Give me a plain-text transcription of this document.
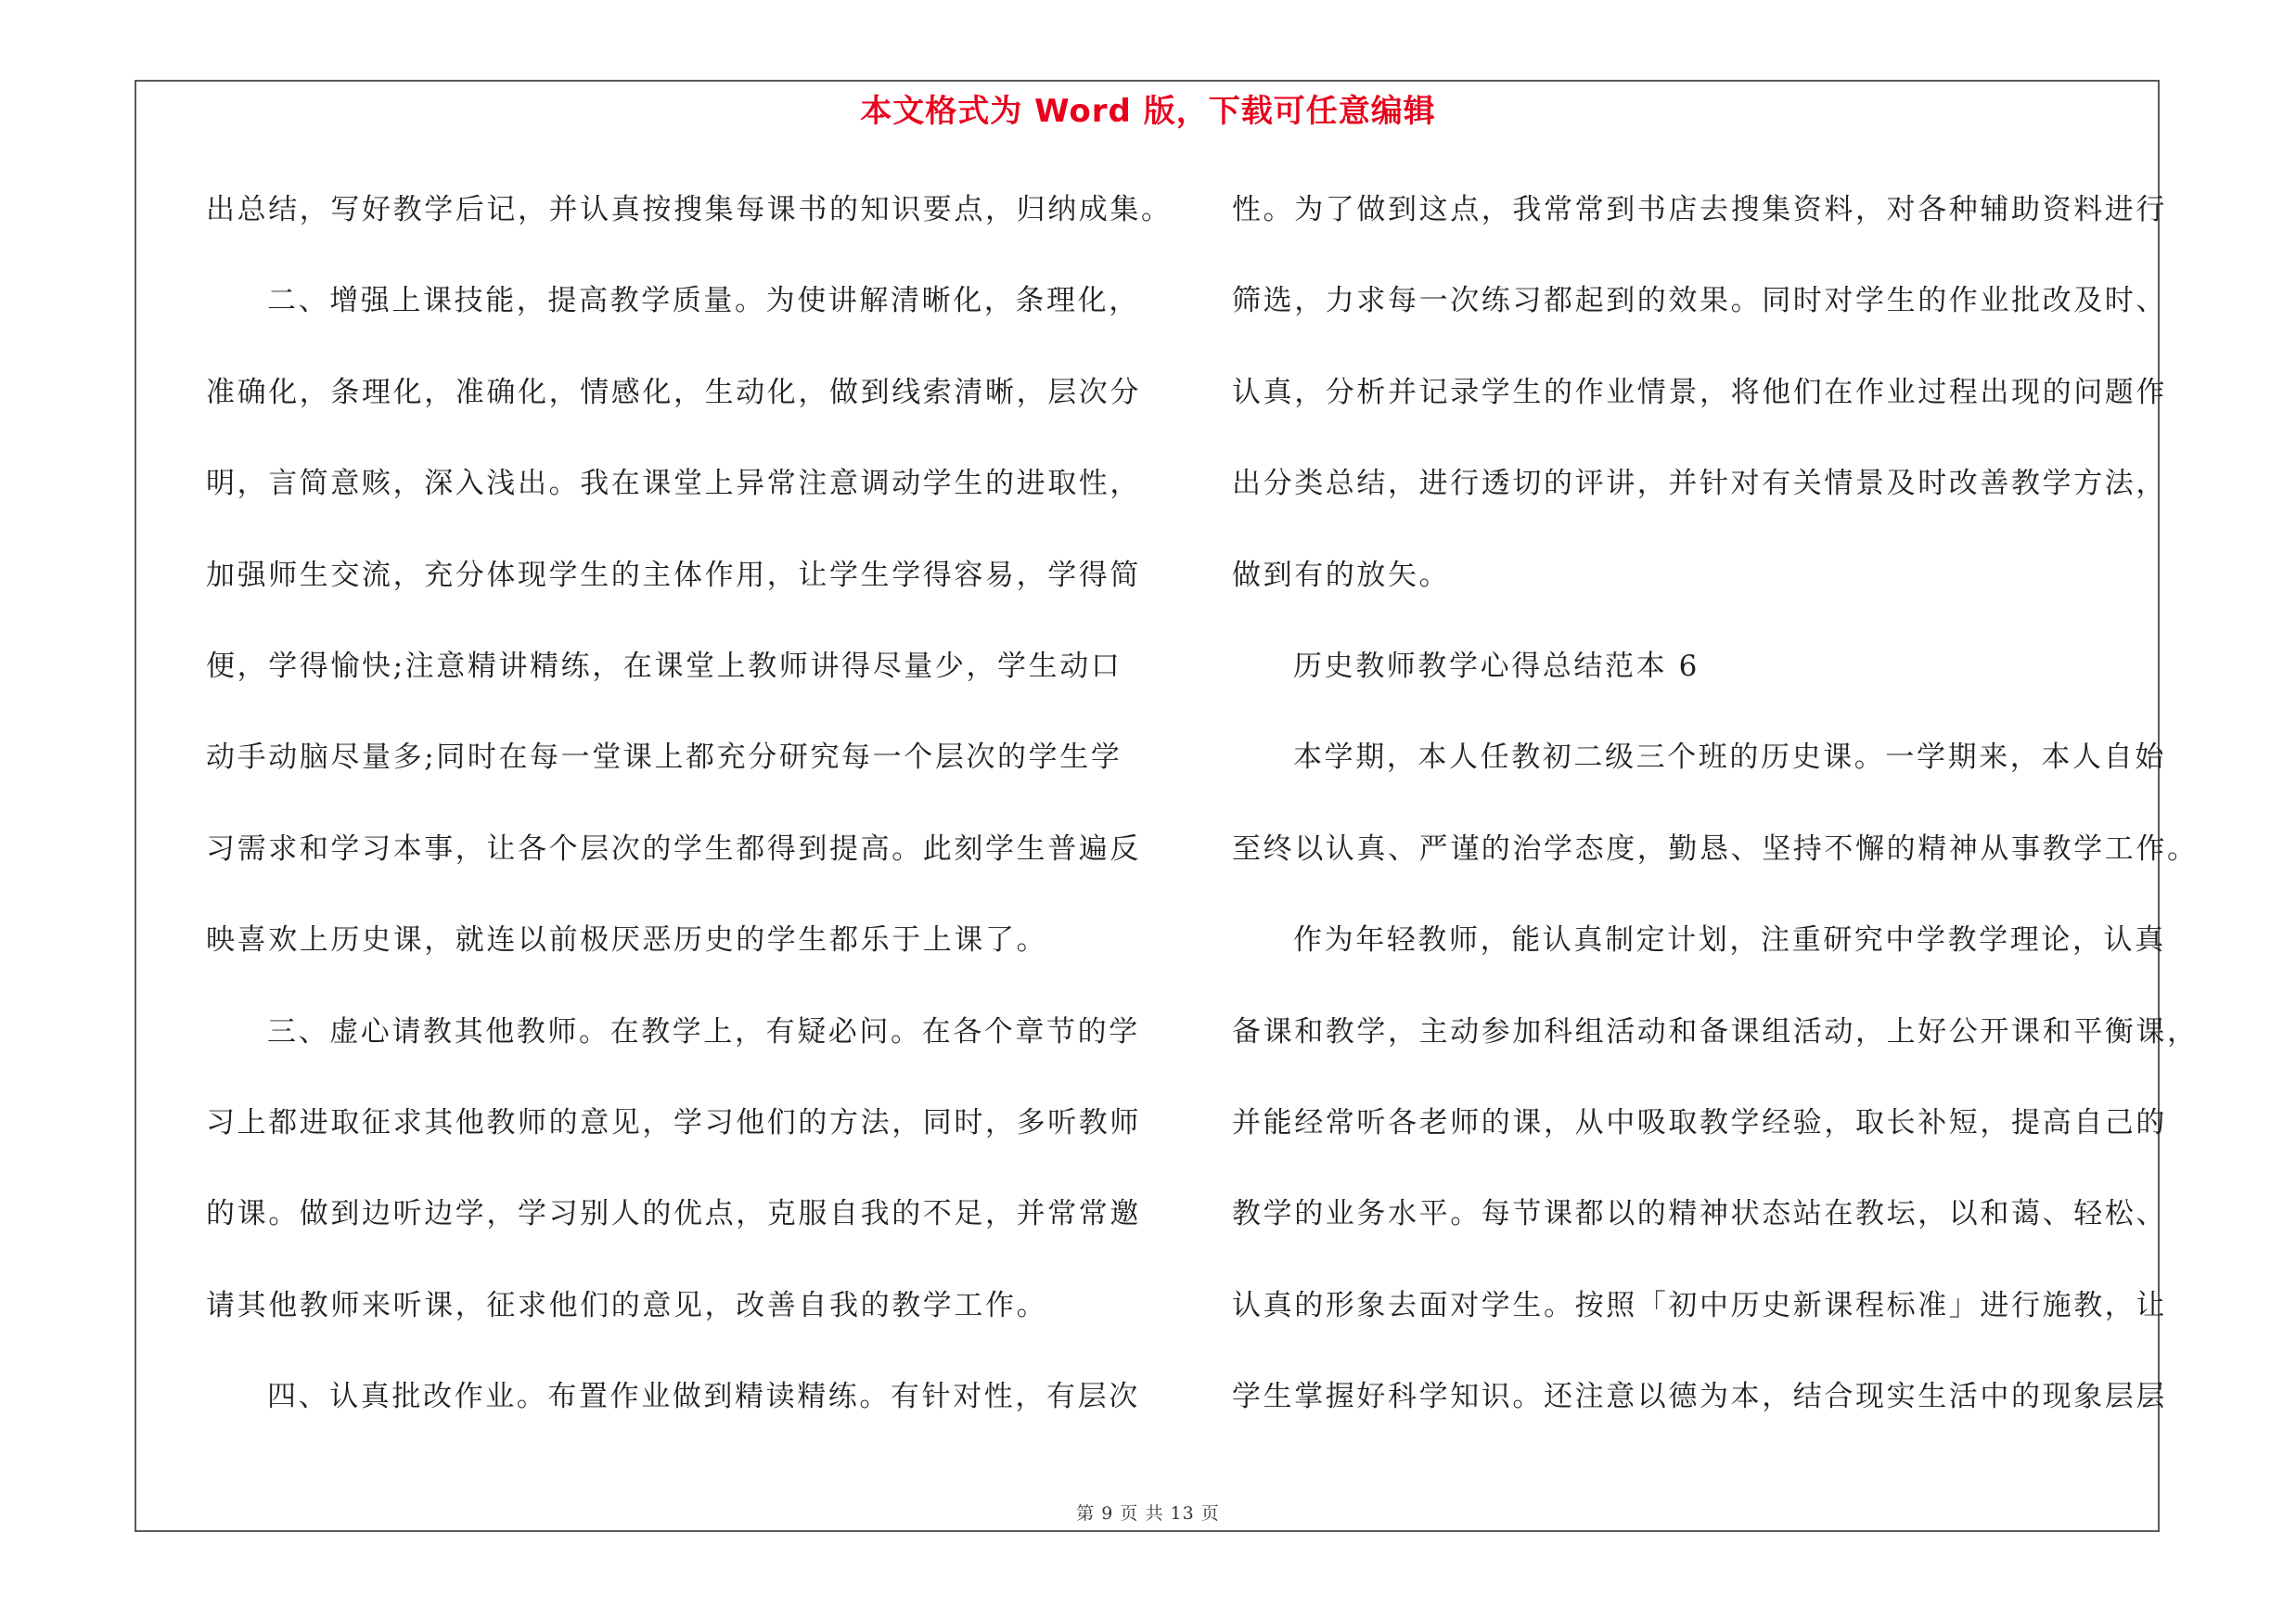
本文格式为 Word 版，下载可任意编辑
出总结，写好教学后记，并认真按搜集每课书的知识要点，归纳成集。
二、增强上课技能，提高教学质量。为使讲解清晰化，条理化，
准确化，条理化，准确化，情感化，生动化，做到线索清晰，层次分
明，言简意赅，深入浅出。我在课堂上异常注意调动学生的进取性，
加强师生交流，充分体现学生的主体作用，让学生学得容易，学得简
便，学得愉快;注意精讲精练，在课堂上教师讲得尽量少，学生动口
动手动脑尽量多;同时在每一堂课上都充分研究每一个层次的学生学
习需求和学习本事，让各个层次的学生都得到提高。此刻学生普遍反
映喜欢上历史课，就连以前极厌恶历史的学生都乐于上课了。
三、虚心请教其他教师。在教学上，有疑必问。在各个章节的学
习上都进取征求其他教师的意见，学习他们的方法，同时，多听教师
的课。做到边听边学，学习别人的优点，克服自我的不足，并常常邀
请其他教师来听课，征求他们的意见，改善自我的教学工作。
四、认真批改作业。布置作业做到精读精练。有针对性，有层次
性。为了做到这点，我常常到书店去搜集资料，对各种辅助资料进行
筛选，力求每一次练习都起到的效果。同时对学生的作业批改及时、
认真，分析并记录学生的作业情景，将他们在作业过程出现的问题作
出分类总结，进行透切的评讲，并针对有关情景及时改善教学方法，
做到有的放矢。
历史教师教学心得总结范本 6
本学期，本人任教初二级三个班的历史课。一学期来，本人自始
至终以认真、严谨的治学态度，勤恳、坚持不懈的精神从事教学工作。
作为年轻教师，能认真制定计划，注重研究中学教学理论，认真
备课和教学，主动参加科组活动和备课组活动，上好公开课和平衡课，
并能经常听各老师的课，从中吸取教学经验，取长补短，提高自己的
教学的业务水平。每节课都以的精神状态站在教坛，以和蔼、轻松、
认真的形象去面对学生。按照「初中历史新课程标准」进行施教，让
学生掌握好科学知识。还注意以德为本，结合现实生活中的现象层层
第 9 页 共 13 页
